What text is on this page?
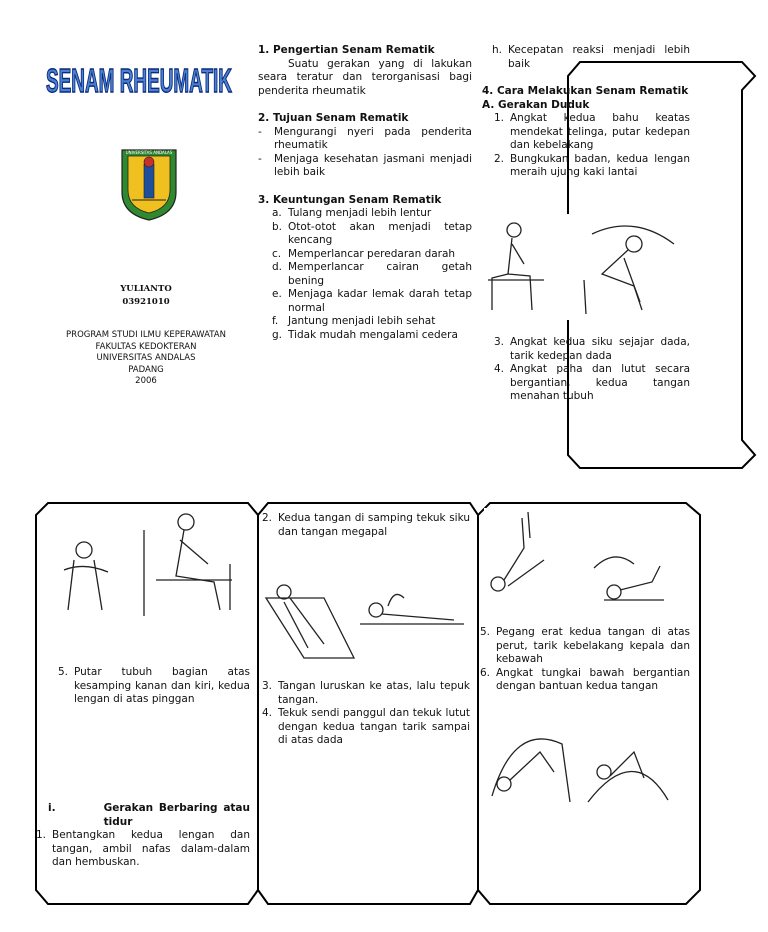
SENAM RHEUMATIK
UNIVERSITAS ANDALAS
YULIANTO
03921010
PROGRAM STUDI ILMU KEPERAWATAN
FAKULTAS KEDOKTERAN
UNIVERSITAS ANDALAS
PADANG
2006
1. Pengertian Senam Rematik
Suatu gerakan yang di lakukan seara teratur dan terorganisasi bagi penderita rheumatik
2. Tujuan Senam Rematik
-	Mengurangi nyeri pada penderita rheumatik
-	Menjaga kesehatan jasmani menjadi lebih baik
3. Keuntungan Senam Rematik
a. Tulang menjadi lebih lentur
b. Otot-otot akan menjadi tetap kencang
c. Memperlancar peredaran darah
d. Memperlancar cairan getah bening
e. Menjaga kadar lemak darah tetap normal
f. Jantung menjadi lebih sehat
g. Tidak mudah mengalami cedera
h. Kecepatan reaksi menjadi lebih baik
4. Cara Melakukan Senam Rematik
A. Gerakan Duduk
1. Angkat kedua bahu keatas mendekat telinga, putar kedepan dan kebelakang
2. Bungkukan badan, kedua lengan meraih ujung kaki lantai
3. Angkat kedua siku sejajar dada, tarik kedepan dada
4. Angkat paha dan lutut secara bergantian, kedua tangan menahan tubuh
5. Putar tubuh bagian atas kesamping kanan dan kiri, kedua lengan di atas pinggan
i.	Gerakan Berbaring atau tidur
1. Bentangkan kedua lengan dan tangan, ambil nafas dalam-dalam dan hembuskan.
2. Kedua tangan di samping tekuk siku dan tangan megapal
3. Tangan luruskan ke atas, lalu tepuk tangan.
4. Tekuk sendi panggul dan tekuk lutut dengan kedua tangan tarik sampai di atas dada
5. Pegang erat kedua tangan di atas perut, tarik kebelakang kepala dan kebawah
6. Angkat tungkai bawah bergantian dengan bantuan kedua tangan
